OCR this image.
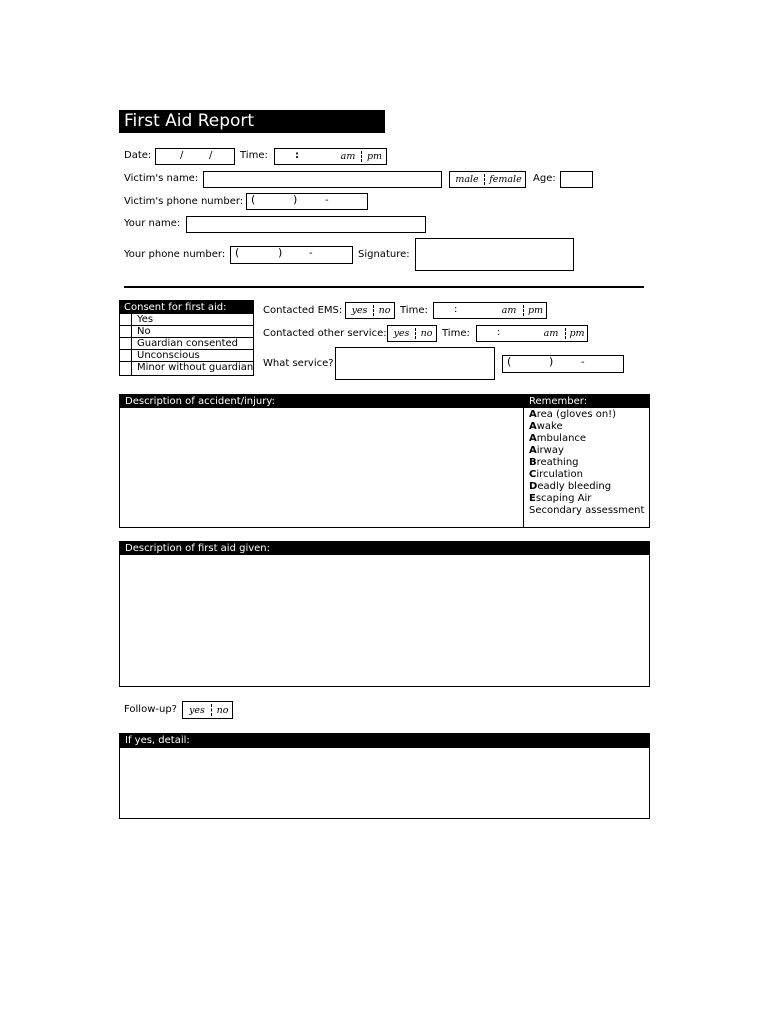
First Aid Report
Date:	/	/	Time:	:	am	pm
Victim's name:	male	female	Age:
Victim's phone number: (	)	-
Your name:
Your phone number: (	)	-	Signature:
Consent for first aid:
Yes
No
Guardian consented
Unconscious
Minor without guardian
Contacted EMS: yes	no Time:	:	am	pm
Contacted other service: yes	no Time:	:	am	pm
What service?	(	)	-
Description of accident/injury:	Remember:
Area (gloves on!)
Awake
Ambulance
Airway
Breathing
Circulation
Deadly bleeding
Escaping Air
Secondary assessment
Description of first aid given:
Follow-up?	yes	no
If yes, detail:
